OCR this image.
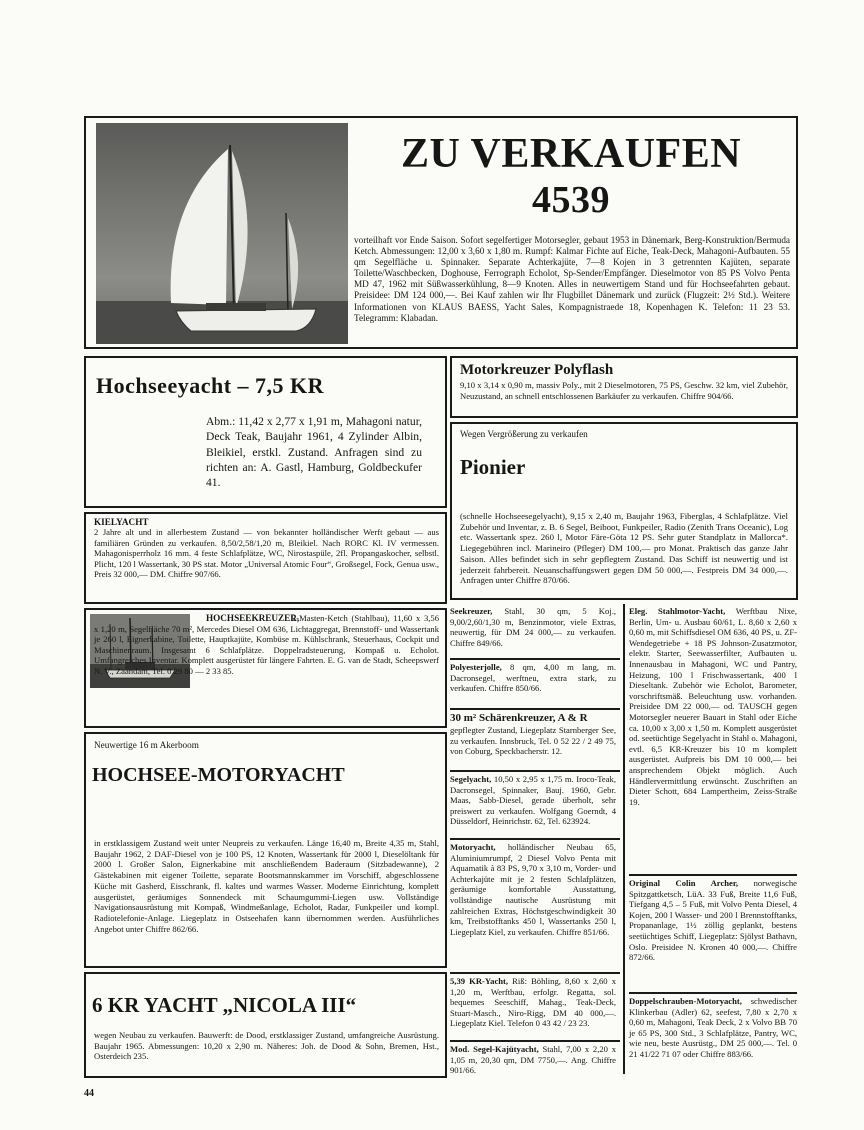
ZU VERKAUFEN
4539

vorteilhaft vor Ende Saison. Sofort segelfertiger Motorsegler, gebaut 1953 in Dänemark, Berg-Konstruktion/Bermuda Ketch. Abmessungen: 12,00 x 3,60 x 1,80 m. Rumpf: Kalmar Fichte auf Eiche, Teak-Deck, Mahagoni-Aufbauten. 55 qm Segelfläche u. Spinnaker. Separate Achterkajüte, 7—8 Kojen in 3 getrennten Kajüten, separate Toilette/Waschbecken, Doghouse, Ferrograph Echolot, Sp-Sender/Empfänger. Dieselmotor von 85 PS Volvo Penta MD 47, 1962 mit Süßwasserkühlung, 8—9 Knoten. Alles in neuwertigem Stand und für Hochseefahrten gebaut. Preisidee: DM 124 000,—. Bei Kauf zahlen wir Ihr Flugbillet Dänemark und zurück (Flugzeit: 2½ Std.). Weitere Informationen von KLAUS BAESS, Yacht Sales, Kompagnistraede 18, Kopenhagen K. Telefon: 11 23 53. Telegramm: Klabadan.

Hochseeyacht – 7,5 KR

Abm.: 11,42 x 2,77 x 1,91 m, Mahagoni natur, Deck Teak, Baujahr 1961, 4 Zylinder Albin, Bleikiel, erstkl. Zustand. Anfragen sind zu richten an: A. Gastl, Hamburg, Goldbeckufer 41.

Motorkreuzer Polyflash

9,10 x 3,14 x 0,90 m, massiv Poly., mit 2 Dieselmotoren, 75 PS, Geschw. 32 km, viel Zubehör, Neuzustand, an schnell entschlossenen Barkäufer zu verkaufen. Chiffre 904/66.

Wegen Vergrößerung zu verkaufen
Pionier

(schnelle Hochseesegelyacht), 9,15 x 2,40 m, Baujahr 1963, Fiberglas, 4 Schlafplätze. Viel Zubehör und Inventar, z. B. 6 Segel, Beiboot, Funkpeiler, Radio (Zenith Trans Oceanic), Log etc. Wassertank spez. 260 l, Motor Färe-Göta 12 PS. Sehr guter Standplatz in Mallorca*. Liegegebühren incl. Marineiro (Pfleger) DM 100,— pro Monat. Praktisch das ganze Jahr Saison. Alles befindet sich in sehr gepflegtem Zustand. Das Schiff ist neuwertig und ist jederzeit fahrbereit. Neuanschaffungswert gegen DM 50 000,—. Festpreis DM 34 000,—. Anfragen unter Chiffre 870/66.

KIELYACHT

2 Jahre alt und in allerbestem Zustand — von bekannter holländischer Werft gebaut — aus familiären Gründen zu verkaufen. 8,50/2,58/1,20 m, Bleikiel. Nach RORC Kl. IV vermessen. Mahagonisperrholz 16 mm. 4 feste Schlafplätze, WC, Nirostaspüle, 2fl. Propangaskocher, selbstl. Plicht, 120 l Wassertank, 30 PS stat. Motor „Universal Atomic Four“, Großsegel, Fock, Genua usw., Preis 32 000,— DM. Chiffre 907/66.

HOCHSEEKREUZER,

2-Masten-Ketch (Stahlbau), 11,60 x 3,56 x 1,20 m, Segelfläche 70 m², Mercedes Diesel OM 636, Lichtaggregat, Brennstoff- und Wassertank je 260 l, Eignerkabine, Toilette, Hauptkajüte, Kombüse m. Kühlschrank, Steuerhaus, Cockpit und Maschinenraum. Insgesamt 6 Schlafplätze. Doppelradsteuerung, Kompaß u. Echolot. Umfangreiches Inventar. Komplett ausgerüstet für längere Fahrten. E. G. van de Stadt, Scheepswerf N. V., Zaandam, Tel. 0 29 80 — 2 33 85.

Neuwertige 16 m Akerboom
HOCHSEE-MOTORYACHT

in erstklassigem Zustand weit unter Neupreis zu verkaufen. Länge 16,40 m, Breite 4,35 m, Stahl, Baujahr 1962, 2 DAF-Diesel von je 100 PS, 12 Knoten, Wassertank für 2000 l, Dieselöltank für 2000 l. Großer Salon, Eignerkabine mit anschließendem Baderaum (Sitzbadewanne), 2 Gästekabinen mit eigener Toilette, separate Bootsmannskammer im Vorschiff, abgeschlossene Küche mit Gasherd, Eisschrank, fl. kaltes und warmes Wasser. Moderne Einrichtung, komplett ausgerüstet, geräumiges Sonnendeck mit Schaumgummi-Liegen usw. Vollständige Navigationsausrüstung mit Kompaß, Windmeßanlage, Echolot, Radar, Funkpeiler und kompl. Radiotelefonie-Anlage. Liegeplatz in Ostseehafen kann übernommen werden. Ausführliches Angebot unter Chiffre 862/66.

6 KR YACHT „NICOLA III“

wegen Neubau zu verkaufen. Bauwerft: de Dood, erstklassiger Zustand, umfangreiche Ausrüstung. Baujahr 1965. Abmessungen: 10,20 x 2,90 m. Näheres: Joh. de Dood & Sohn, Bremen, Hst., Osterdeich 235.

Seekreuzer, Stahl, 30 qm, 5 Koj., 9,00/2,60/1,30 m, Benzinmotor, viele Extras, neuwertig, für DM 24 000,— zu verkaufen. Chiffre 849/66.

Polyesterjolle, 8 qm, 4,00 m lang, m. Dacronsegel, werftneu, extra stark, zu verkaufen. Chiffre 850/66.

30 m² Schärenkreuzer, A & R

gepflegter Zustand, Liegeplatz Starnberger See, zu verkaufen. Innsbruck, Tel. 0 52 22 / 2 49 75, von Coburg, Speckbacherstr. 12.

Segelyacht, 10,50 x 2,95 x 1,75 m. Iroco-Teak, Dacronsegel, Spinnaker, Bauj. 1960, Gebr. Maas, Sabb-Diesel, gerade überholt, sehr preiswert zu verkaufen. Wolfgang Goerndt, 4 Düsseldorf, Heinrichstr. 62, Tel. 623924.

Motoryacht, holländischer Neubau 65, Aluminiumrumpf, 2 Diesel Volvo Penta mit Aquamatik à 83 PS, 9,70 x 3,10 m, Vorder- und Achterkajüte mit je 2 festen Schlafplätzen, geräumige komfortable Ausstattung, vollständige nautische Ausrüstung mit zahlreichen Extras, Höchstgeschwindigkeit 30 km, Treibstofftanks 450 l, Wassertanks 250 l, Liegeplatz Kiel, zu verkaufen. Chiffre 851/66.

5,39 KR-Yacht, Riß: Böhling, 8,60 x 2,60 x 1,20 m, Werftbau, erfolgr. Regatta, sol. bequemes Seeschiff, Mahag., Teak-Deck, Stuart-Masch., Niro-Rigg, DM 40 000,—. Liegeplatz Kiel. Telefon 0 43 42 / 23 23.

Mod. Segel-Kajütyacht, Stahl, 7,00 x 2,20 x 1,05 m, 20,30 qm, DM 7750,—. Ang. Chiffre 901/66.

Eleg. Stahlmotor-Yacht, Werftbau Nixe, Berlin, Um- u. Ausbau 60/61, L. 8,60 x 2,60 x 0,60 m, mit Schiffsdiesel OM 636, 40 PS, u. ZF-Wendegetriebe + 18 PS Johnson-Zusatzmotor, elektr. Starter, Seewasserfilter, Aufbauten u. Innenausbau in Mahagoni, WC und Pantry, Heizung, 100 l Frischwassertank, 400 l Dieseltank. Zubehör wie Echolot, Barometer, vorschriftsmäß. Beleuchtung usw. vorhanden. Preisidee DM 22 000,— od. TAUSCH gegen Motorsegler neuerer Bauart in Stahl oder Eiche ca. 10,00 x 3,00 x 1,50 m. Komplett ausgerüstet od. seetüchtige Segelyacht in Stahl o. Mahagoni, evtl. 6,5 KR-Kreuzer bis 10 m komplett ausgerüstet. Aufpreis bis DM 10 000,— bei ansprechendem Objekt möglich. Auch Händlervermittlung erwünscht. Zuschriften an Dieter Schott, 684 Lampertheim, Zeiss-Straße 19.

Original Colin Archer, norwegische Spitzgattketsch, LüA. 33 Fuß, Breite 11,6 Fuß, Tiefgang 4,5 – 5 Fuß, mit Volvo Penta Diesel, 4 Kojen, 200 l Wasser- und 200 l Brennstofftanks, Propananlage, 1½ zöllig geplankt, bestens seetüchtiges Schiff, Liegeplatz: Sjölyst Bathavn, Oslo. Preisidee N. Kronen 40 000,—. Chiffre 872/66.

Doppelschrauben-Motoryacht, schwedischer Klinkerbau (Adler) 62, seefest, 7,80 x 2,70 x 0,60 m, Mahagoni, Teak Deck, 2 x Volvo BB 70 je 65 PS, 300 Std., 3 Schlafplätze, Pantry, WC, wie neu, beste Ausrüstg., DM 25 000,—. Tel. 0 21 41/22 71 07 oder Chiffre 883/66.

44
